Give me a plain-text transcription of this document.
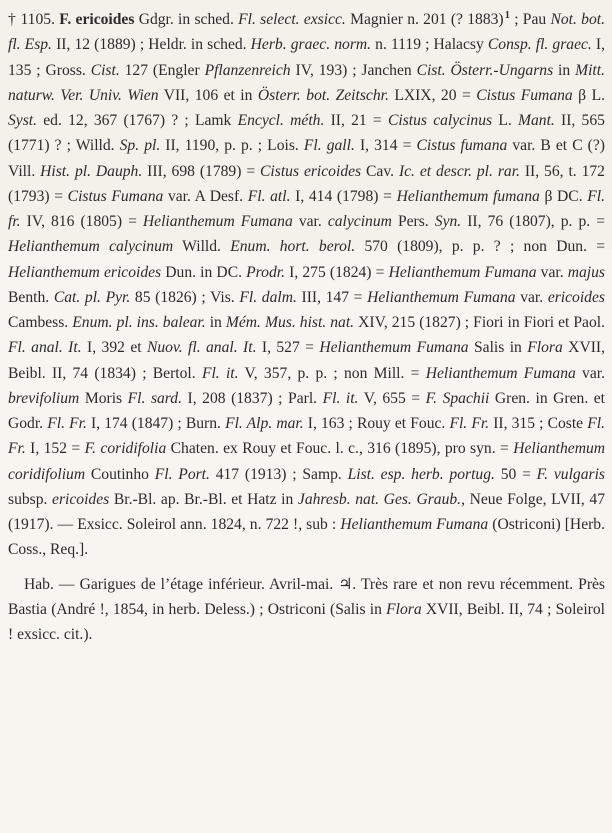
† 1105. F. ericoides Gdgr. in sched. Fl. select. exsicc. Magnier n. 201 (? 1883) $^1$ ; Pau Not. bot. fl. Esp. II, 12 (1889) ; Heldr. in sched. Herb. graec. norm. n. 1119 ; Halacsy Consp. fl. graec. I, 135 ; Gross. Cist. 127 (Engler Pflanzenreich IV, 193) ; Janchen Cist. Österr.-Ungarns in Mitt. naturw. Ver. Univ. Wien VII, 106 et in Österr. bot. Zeitschr. LXIX, 20 = Cistus Fumana β L. Syst. ed. 12, 367 (1767) ? ; Lamk Encycl. méth. II, 21 = Cistus calycinus L. Mant. II, 565 (1771) ? ; Willd. Sp. pl. II, 1190, p. p. ; Lois. Fl. gall. I, 314 = Cistus fumana var. B et C (?) Vill. Hist. pl. Dauph. III, 698 (1789) = Cistus ericoides Cav. Ic. et descr. pl. rar. II, 56, t. 172 (1793) = Cistus Fumana var. A Desf. Fl. atl. I, 414 (1798) = Helianthemum fumana β DC. Fl. fr. IV, 816 (1805) = Helianthemum Fumana var. calycinum Pers. Syn. II, 76 (1807), p. p. = Helianthemum calycinum Willd. Enum. hort. berol. 570 (1809), p. p. ? ; non Dun. = Helianthemum ericoides Dun. in DC. Prodr. I, 275 (1824) = Helianthemum Fumana var. majus Benth. Cat. pl. Pyr. 85 (1826) ; Vis. Fl. dalm. III, 147 = Helianthemum Fumana var. ericoides Cambess. Enum. pl. ins. balear. in Mém. Mus. hist. nat. XIV, 215 (1827) ; Fiori in Fiori et Paol. Fl. anal. It. I, 392 et Nuov. fl. anal. It. I, 527 = Helianthemum Fumana Salis in Flora XVII, Beibl. II, 74 (1834) ; Bertol. Fl. it. V, 357, p. p. ; non Mill. = Helianthemum Fumana var. brevifolium Moris Fl. sard. I, 208 (1837) ; Parl. Fl. it. V, 655 = F. Spachii Gren. in Gren. et Godr. Fl. Fr. I, 174 (1847) ; Burn. Fl. Alp. mar. I, 163 ; Rouy et Fouc. Fl. Fr. II, 315 ; Coste Fl. Fr. I, 152 = F. coridifolia Chaten. ex Rouy et Fouc. l. c., 316 (1895), pro syn. = Helianthemum coridifolium Coutinho Fl. Port. 417 (1913) ; Samp. List. esp. herb. portug. 50 = F. vulgaris subsp. ericoides Br.-Bl. ap. Br.-Bl. et Hatz in Jahresb. nat. Ges. Graub., Neue Folge, LVII, 47 (1917). — Exsicc. Soleirol ann. 1824, n. 722 !, sub : Helianthemum Fumana (Ostriconi) [Herb. Coss., Req.].

Hab. — Garigues de l’étage inférieur. Avril-mai. ♃. Très rare et non revu récemment. Près Bastia (André !, 1854, in herb. Deless.) ; Ostriconi (Salis in Flora XVII, Beibl. II, 74 ; Soleirol ! exsicc. cit.).
